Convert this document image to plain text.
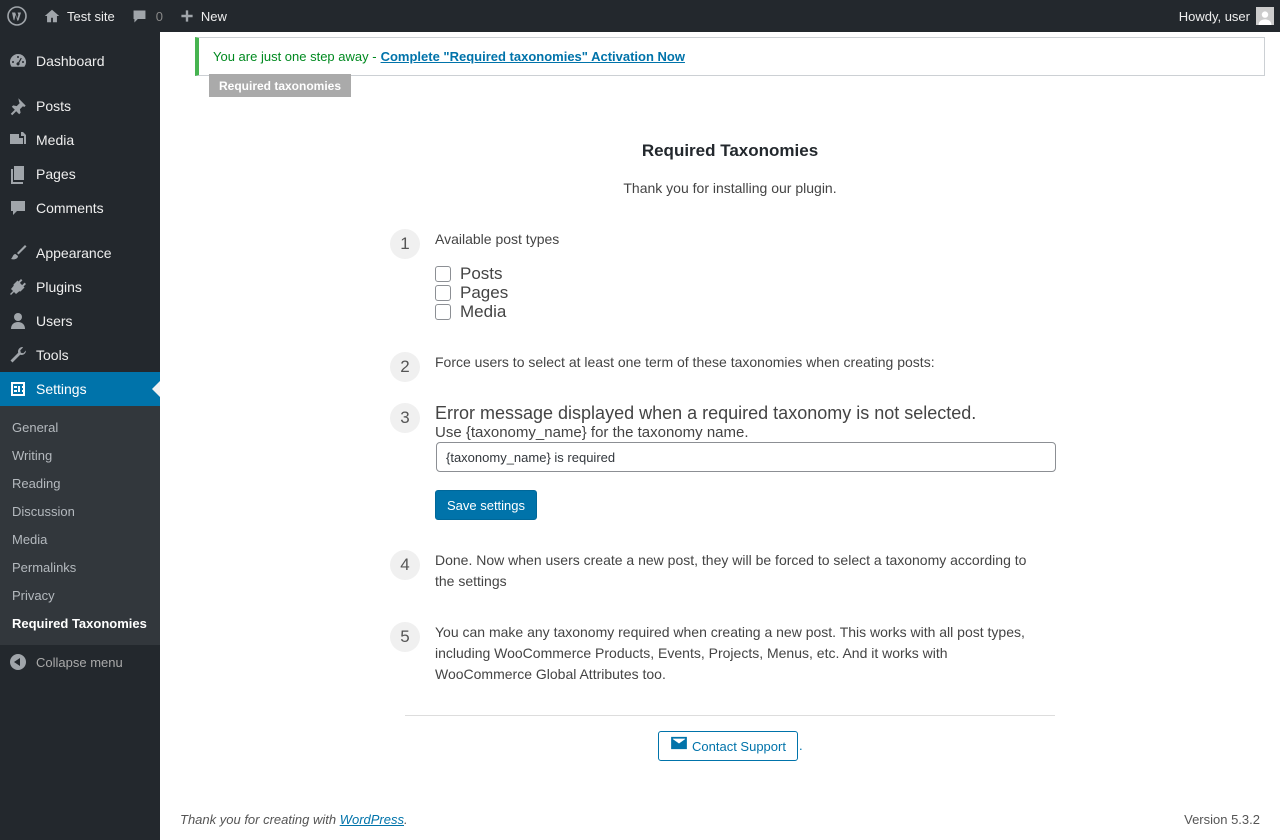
Test site	0	New	Howdy, user
Dashboard
Posts
Media
Pages
Comments
Appearance
Plugins
Users
Tools
Settings
General
Writing
Reading
Discussion
Media
Permalinks
Privacy
Required Taxonomies
Collapse menu
You are just one step away - Complete "Required taxonomies" Activation Now
Required taxonomies
Required Taxonomies
Thank you for installing our plugin.
1	Available post types
Posts
Pages
Media
2	Force users to select at least one term of these taxonomies when creating posts:
3	Error message displayed when a required taxonomy is not selected.
Use {taxonomy_name} for the taxonomy name.
{taxonomy_name} is required
Save settings
4	Done. Now when users create a new post, they will be forced to select a taxonomy according to
the settings
5	You can make any taxonomy required when creating a new post. This works with all post types,
including WooCommerce Products, Events, Projects, Menus, etc. And it works with
WooCommerce Global Attributes too.
Contact Support .
Thank you for creating with WordPress.	Version 5.3.2
